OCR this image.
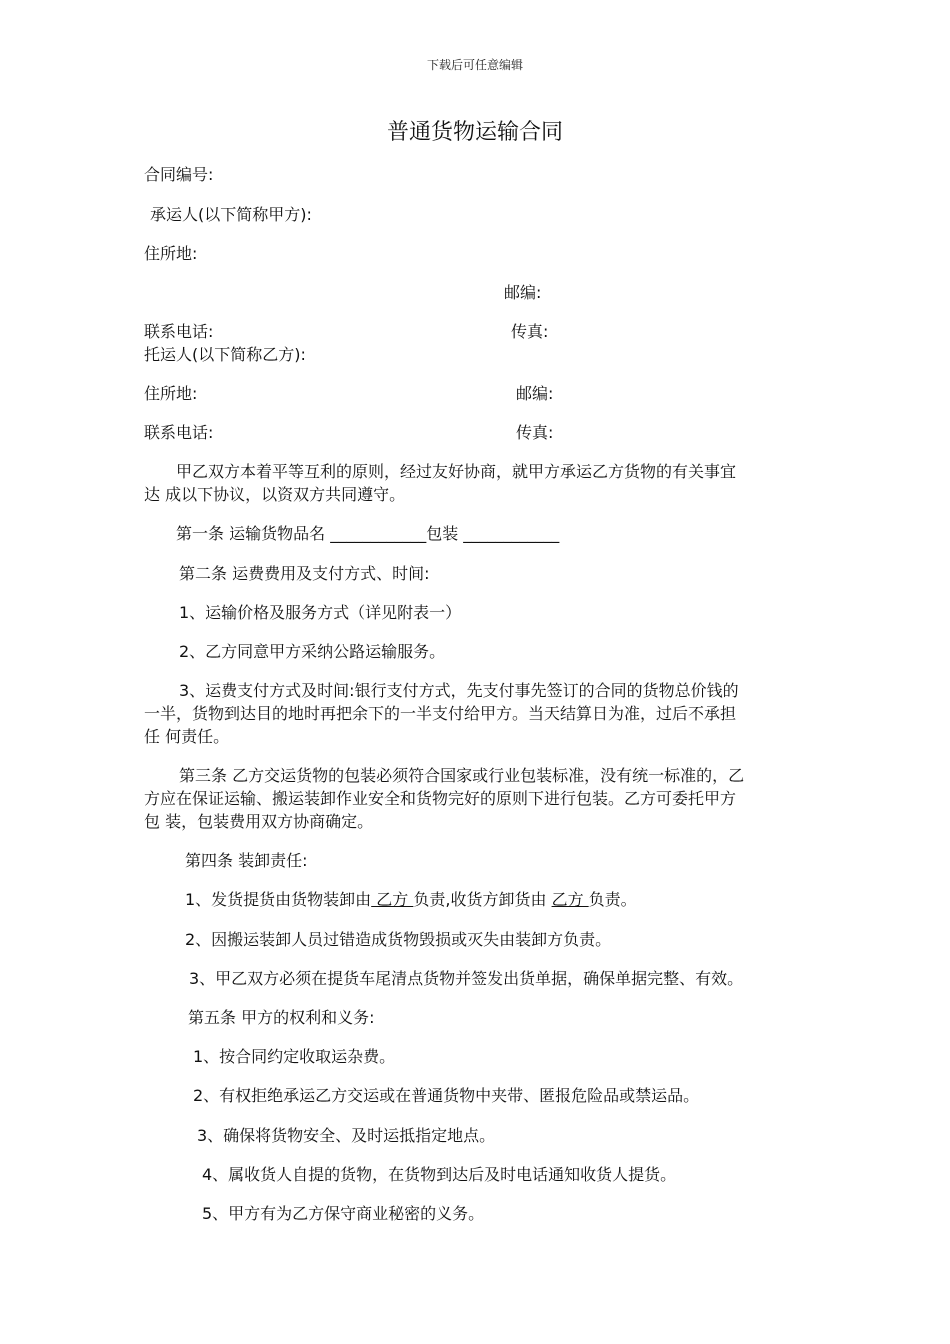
下载后可任意编辑
普通货物运输合同
合同编号:
承运人(以下简称甲方):
住所地:
邮编:
联系电话:	传真:
托运人(以下简称乙方):
住所地:	邮编:
联系电话:	传真:
甲乙双方本着平等互利的原则，经过友好协商，就甲方承运乙方货物的有关事宜
达 成以下协议，以资双方共同遵守。
第一条 运输货物品名 ____________包装 ____________
第二条 运费费用及支付方式、时间:
1、运输价格及服务方式（详见附表一）
2、乙方同意甲方采纳公路运输服务。
3、运费支付方式及时间:银行支付方式，先支付事先签订的合同的货物总价钱的
一半，货物到达目的地时再把余下的一半支付给甲方。当天结算日为准，过后不承担
任 何责任。
第三条 乙方交运货物的包装必须符合国家或行业包装标准，没有统一标准的，乙
方应在保证运输、搬运装卸作业安全和货物完好的原则下进行包装。乙方可委托甲方
包 装，包装费用双方协商确定。
第四条 装卸责任:
1、发货提货由货物装卸由 乙方 负责,收货方卸货由 乙方 负责。
2、因搬运装卸人员过错造成货物毁损或灭失由装卸方负责。
3、甲乙双方必须在提货车尾清点货物并签发出货单据，确保单据完整、有效。
第五条 甲方的权利和义务:
1、按合同约定收取运杂费。
2、有权拒绝承运乙方交运或在普通货物中夹带、匿报危险品或禁运品。
3、确保将货物安全、及时运抵指定地点。
4、属收货人自提的货物，在货物到达后及时电话通知收货人提货。
5、甲方有为乙方保守商业秘密的义务。
